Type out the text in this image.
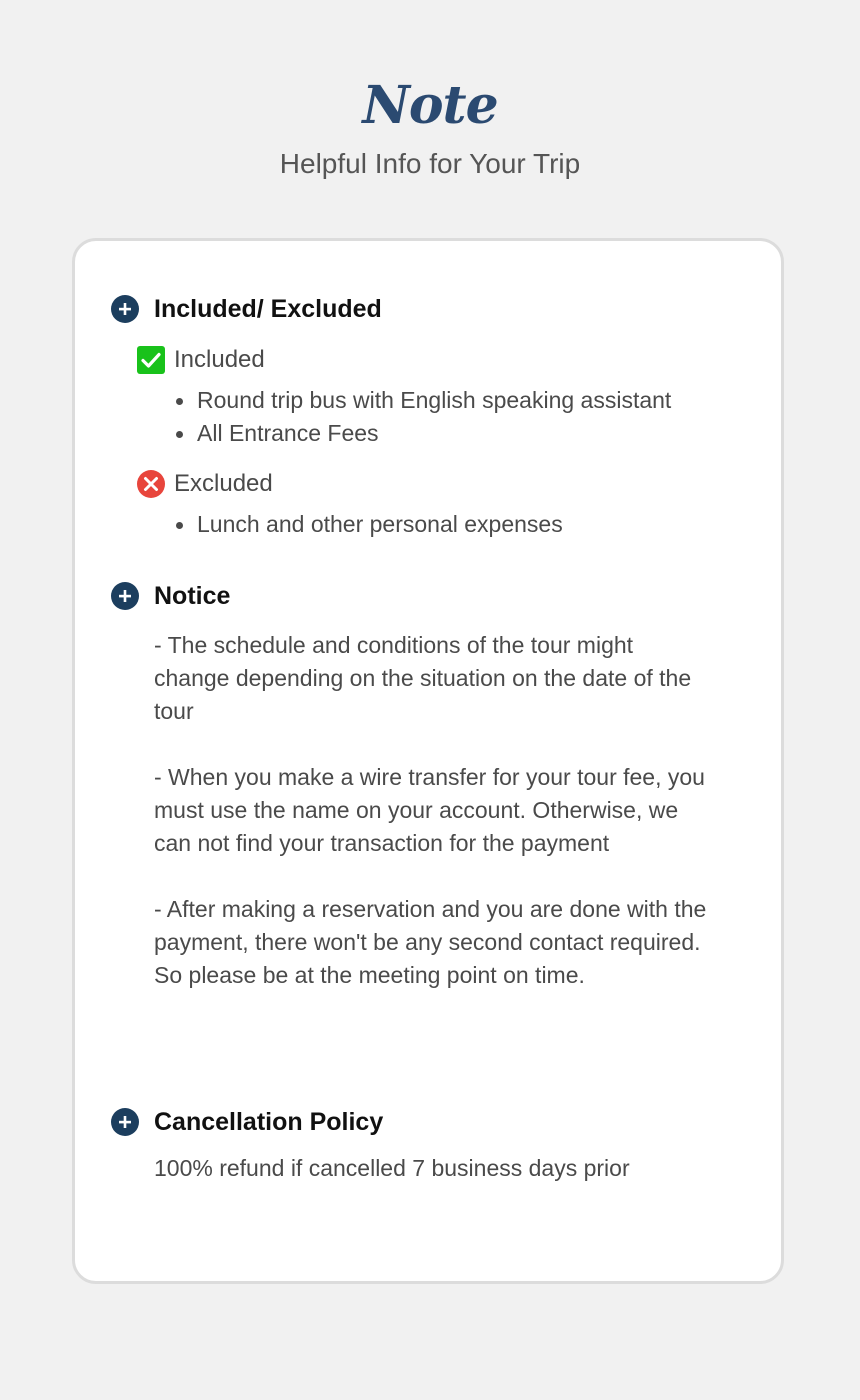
Note
Helpful Info for Your Trip
Included/ Excluded
Included
Round trip bus with English speaking assistant
All Entrance Fees
Excluded
Lunch and other personal expenses
Notice
- The schedule and conditions of the tour might change depending on the situation on the date of the tour
- When you make a wire transfer for your tour fee, you must use the name on your account. Otherwise, we can not find your transaction for the payment
- After making a reservation and you are done with the payment, there won't be any second contact required. So please be at the meeting point on time.
Cancellation Policy
100% refund if cancelled 7 business days prior
